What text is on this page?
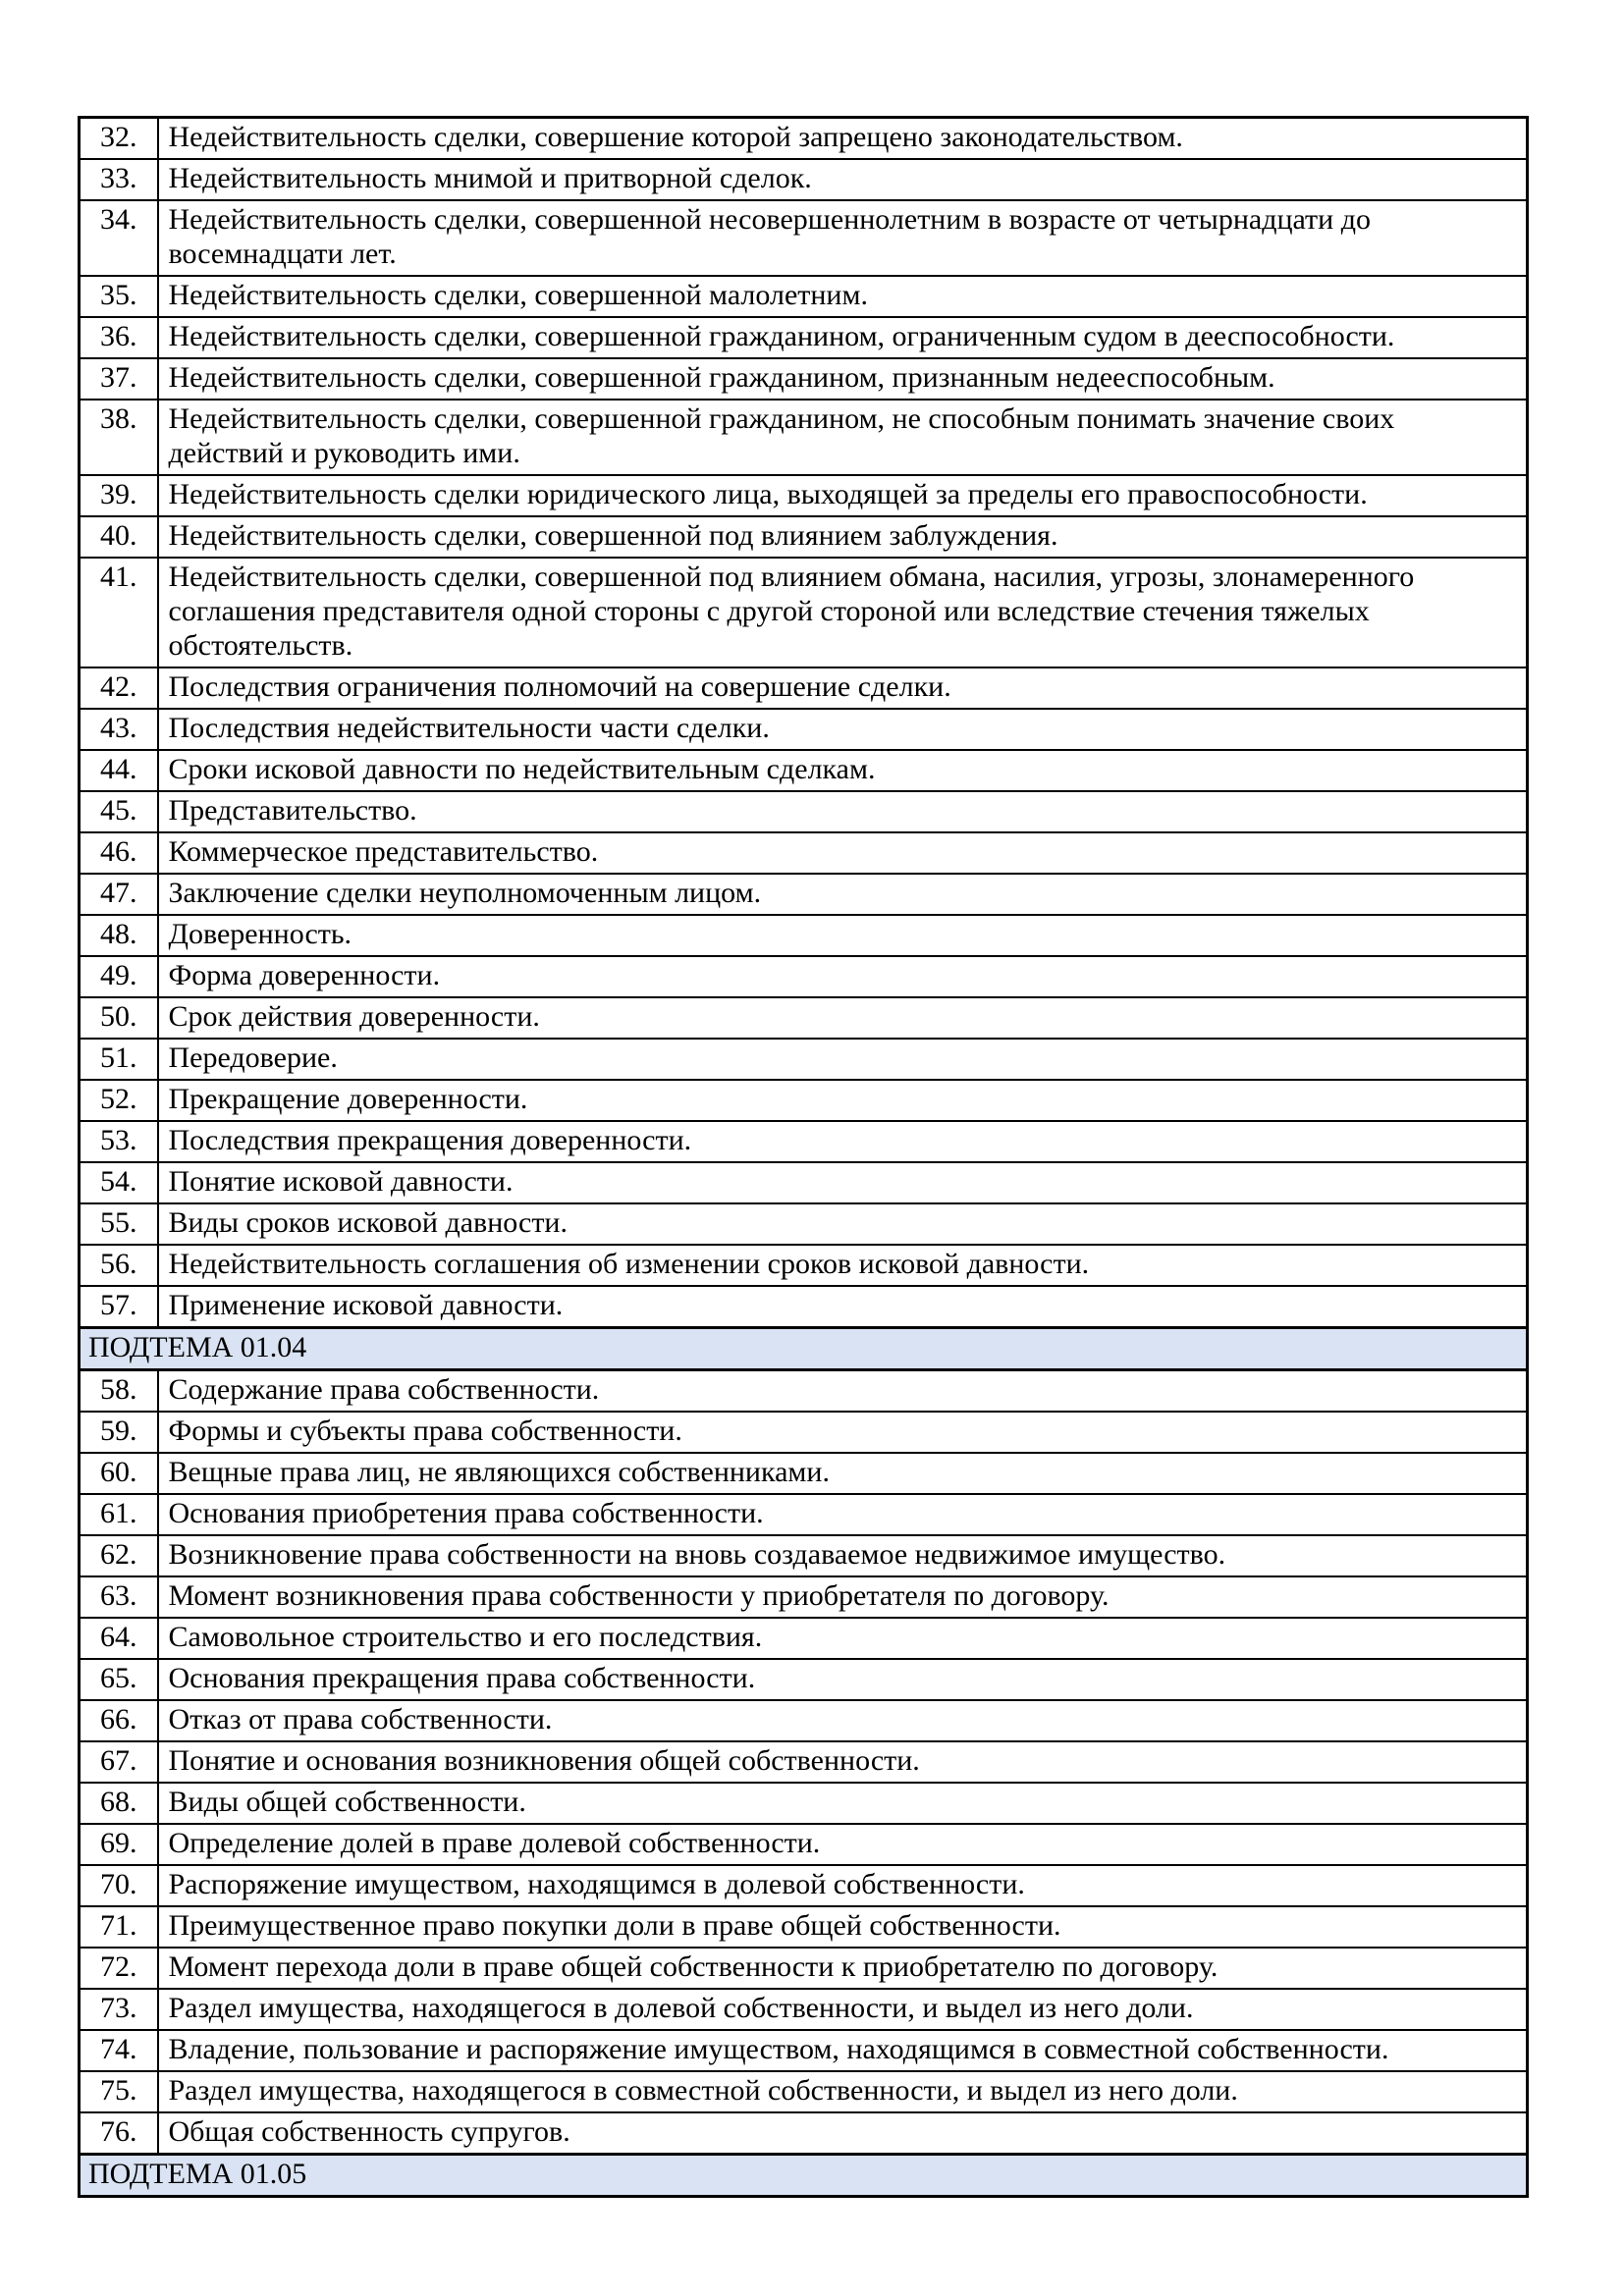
32.	Недействительность сделки, совершение которой запрещено законодательством.
33.	Недействительность мнимой и притворной сделок.
34.	Недействительность сделки, совершенной несовершеннолетним в возрасте от четырнадцати до восемнадцати лет.
35.	Недействительность сделки, совершенной малолетним.
36.	Недействительность сделки, совершенной гражданином, ограниченным судом в дееспособности.
37.	Недействительность сделки, совершенной гражданином, признанным недееспособным.
38.	Недействительность сделки, совершенной гражданином, не способным понимать значение своих действий и руководить ими.
39.	Недействительность сделки юридического лица, выходящей за пределы его правоспособности.
40.	Недействительность сделки, совершенной под влиянием заблуждения.
41.	Недействительность сделки, совершенной под влиянием обмана, насилия, угрозы, злонамеренного соглашения представителя одной стороны с другой стороной или вследствие стечения тяжелых обстоятельств.
42.	Последствия ограничения полномочий на совершение сделки.
43.	Последствия недействительности части сделки.
44.	Сроки исковой давности по недействительным сделкам.
45.	Представительство.
46.	Коммерческое представительство.
47.	Заключение сделки неуполномоченным лицом.
48.	Доверенность.
49.	Форма доверенности.
50.	Срок действия доверенности.
51.	Передоверие.
52.	Прекращение доверенности.
53.	Последствия прекращения доверенности.
54.	Понятие исковой давности.
55.	Виды сроков исковой давности.
56.	Недействительность соглашения об изменении сроков исковой давности.
57.	Применение исковой давности.
ПОДТЕМА 01.04	
58.	Содержание права собственности.
59.	Формы и субъекты права собственности.
60.	Вещные права лиц, не являющихся собственниками.
61.	Основания приобретения права собственности.
62.	Возникновение права собственности на вновь создаваемое недвижимое имущество.
63.	Момент возникновения права собственности у приобретателя по договору.
64.	Самовольное строительство и его последствия.
65.	Основания прекращения права собственности.
66.	Отказ от права собственности.
67.	Понятие и основания возникновения общей собственности.
68.	Виды общей собственности.
69.	Определение долей в праве долевой собственности.
70.	Распоряжение имуществом, находящимся в долевой собственности.
71.	Преимущественное право покупки доли в праве общей собственности.
72.	Момент перехода доли в праве общей собственности к приобретателю по договору.
73.	Раздел имущества, находящегося в долевой собственности, и выдел из него доли.
74.	Владение, пользование и распоряжение имуществом, находящимся в совместной собственности.
75.	Раздел имущества, находящегося в совместной собственности, и выдел из него доли.
76.	Общая собственность супругов.
ПОДТЕМА 01.05	
